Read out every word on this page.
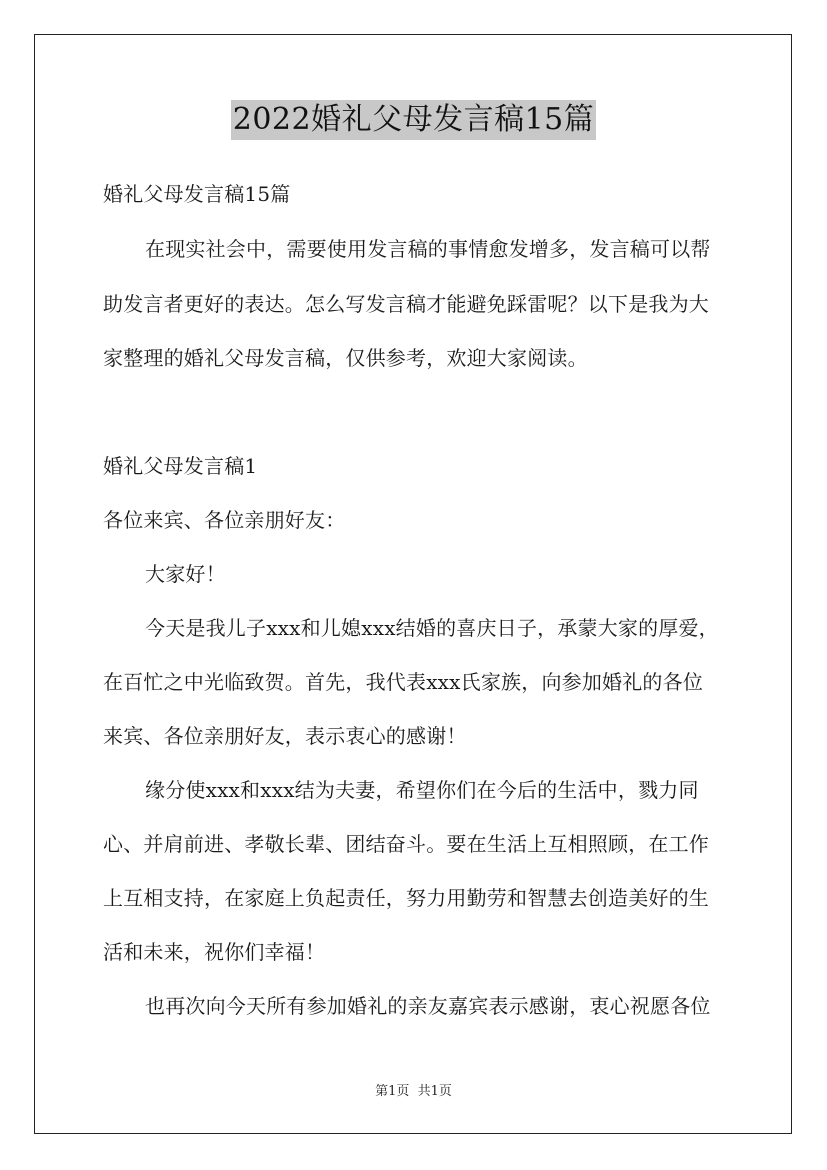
2022婚礼父母发言稿15篇
婚礼父母发言稿15篇
在现实社会中，需要使用发言稿的事情愈发增多，发言稿可以帮
助发言者更好的表达。怎么写发言稿才能避免踩雷呢？以下是我为大
家整理的婚礼父母发言稿，仅供参考，欢迎大家阅读。
婚礼父母发言稿1
各位来宾、各位亲朋好友：
大家好！
今天是我儿子xxx和儿媳xxx结婚的喜庆日子，承蒙大家的厚爱，
在百忙之中光临致贺。首先，我代表xxx氏家族，向参加婚礼的各位
来宾、各位亲朋好友，表示衷心的感谢！
缘分使xxx和xxx结为夫妻，希望你们在今后的生活中，戮力同
心、并肩前进、孝敬长辈、团结奋斗。要在生活上互相照顾，在工作
上互相支持，在家庭上负起责任，努力用勤劳和智慧去创造美好的生
活和未来，祝你们幸福！
也再次向今天所有参加婚礼的亲友嘉宾表示感谢，衷心祝愿各位
第1页  共1页
